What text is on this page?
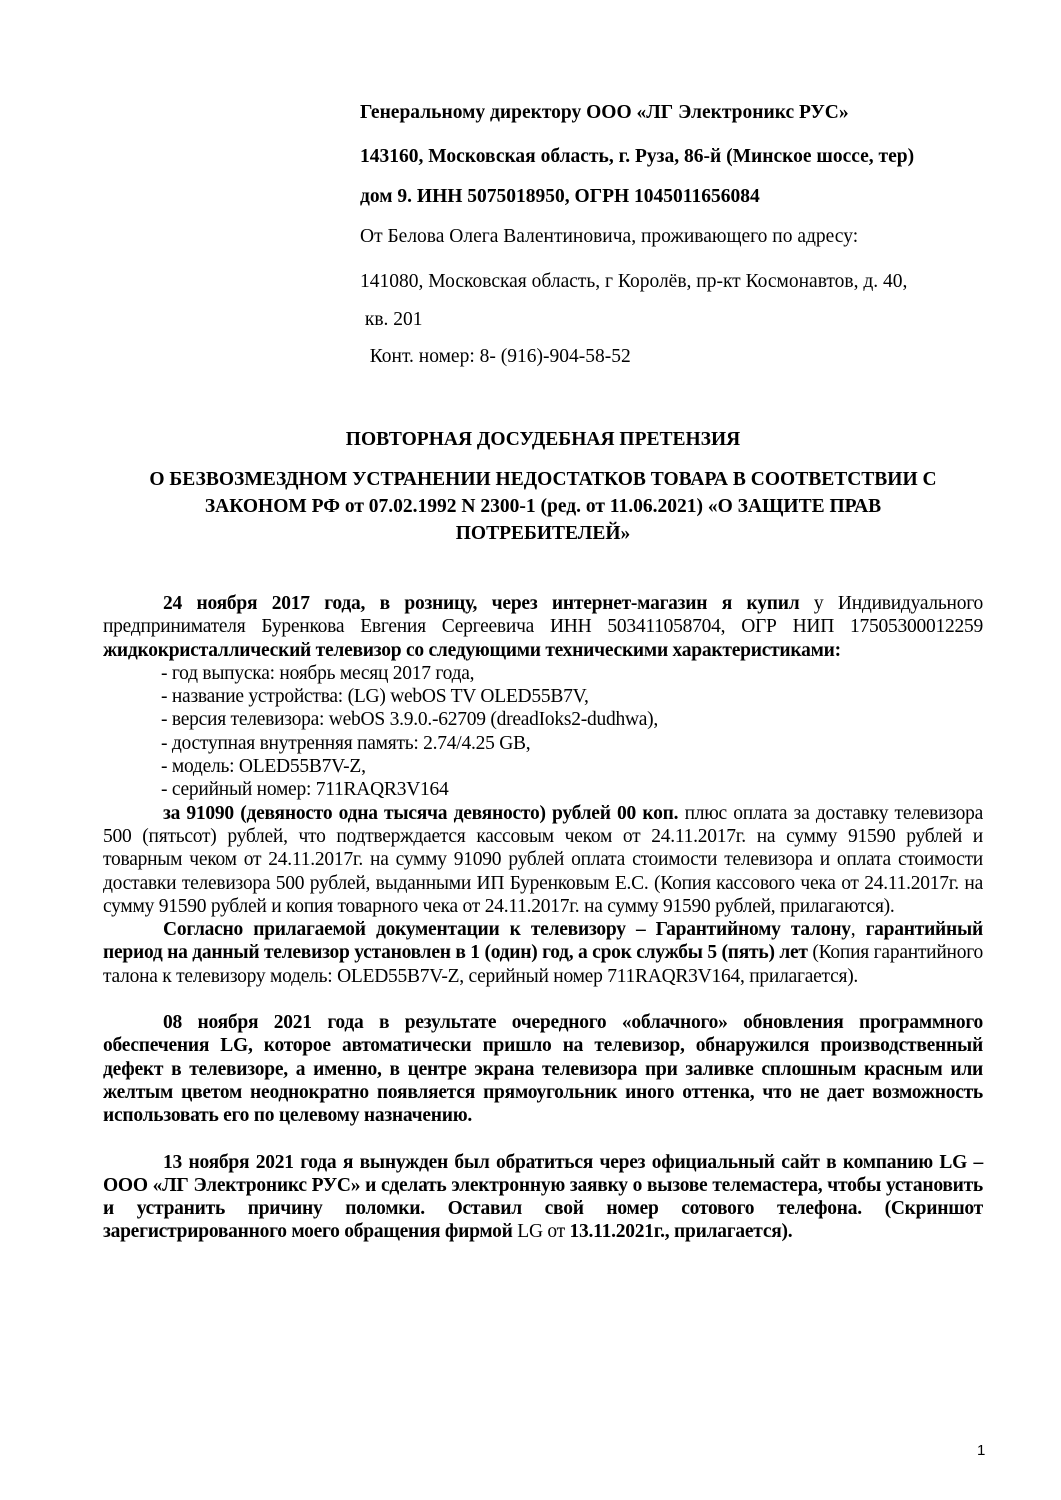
Генеральному директору ООО «ЛГ Электроникс РУС»
143160, Московская область, г. Руза, 86-й (Минское шоссе, тер)
дом 9. ИНН 5075018950, ОГРН 1045011656084
От Белова Олега Валентиновича, проживающего по адресу:
141080, Московская область, г Королёв, пр-кт Космонавтов, д. 40,
кв. 201
Конт. номер: 8- (916)-904-58-52
ПОВТОРНАЯ ДОСУДЕБНАЯ ПРЕТЕНЗИЯ
О БЕЗВОЗМЕЗДНОМ УСТРАНЕНИИ НЕДОСТАТКОВ ТОВАРА В СООТВЕТСТВИИ С ЗАКОНОМ РФ от 07.02.1992 N 2300-1 (ред. от 11.06.2021) «О ЗАЩИТЕ ПРАВ ПОТРЕБИТЕЛЕЙ»

24 ноября 2017 года, в розницу, через интернет-магазин я купил у Индивидуального предпринимателя Буренкова Евгения Сергеевича ИНН 503411058704, ОГР НИП 17505300012259 жидкокристаллический телевизор со следующими техническими характеристиками:

- год выпуска: ноябрь месяц 2017 года,

- название устройства: (LG) webOS TV OLED55B7V,

- версия телевизора: webOS 3.9.0.-62709 (dreadIoks2-dudhwa),

- доступная внутренняя память: 2.74/4.25 GB,

- модель: OLED55B7V-Z,

- серийный номер: 711RAQR3V164

за 91090 (девяносто одна тысяча девяносто) рублей 00 коп. плюс оплата за доставку телевизора 500 (пятьсот) рублей, что подтверждается кассовым чеком от 24.11.2017г. на сумму 91590 рублей и товарным чеком от 24.11.2017г. на сумму 91090 рублей оплата стоимости телевизора и оплата стоимости доставки телевизора 500 рублей, выданными ИП Буренковым Е.С. (Копия кассового чека от 24.11.2017г. на сумму 91590 рублей и копия товарного чека от 24.11.2017г. на сумму 91590 рублей, прилагаются).

Согласно прилагаемой документации к телевизору – Гарантийному талону, гарантийный период на данный телевизор установлен в 1 (один) год, а срок службы 5 (пять) лет (Копия гарантийного талона к телевизору модель: OLED55B7V-Z, серийный номер 711RAQR3V164, прилагается).

08 ноября 2021 года в результате очередного «облачного» обновления программного обеспечения LG, которое автоматически пришло на телевизор, обнаружился производственный дефект в телевизоре, а именно, в центре экрана телевизора при заливке сплошным красным или желтым цветом неоднократно появляется прямоугольник иного оттенка, что не дает возможность использовать его по целевому назначению.

13 ноября 2021 года я вынужден был обратиться через официальный сайт в компанию LG – ООО «ЛГ Электроникс РУС» и сделать электронную заявку о вызове телемастера, чтобы установить и устранить причину поломки. Оставил свой номер сотового телефона. (Скриншот зарегистрированного моего обращения фирмой LG от 13.11.2021г., прилагается).

1
